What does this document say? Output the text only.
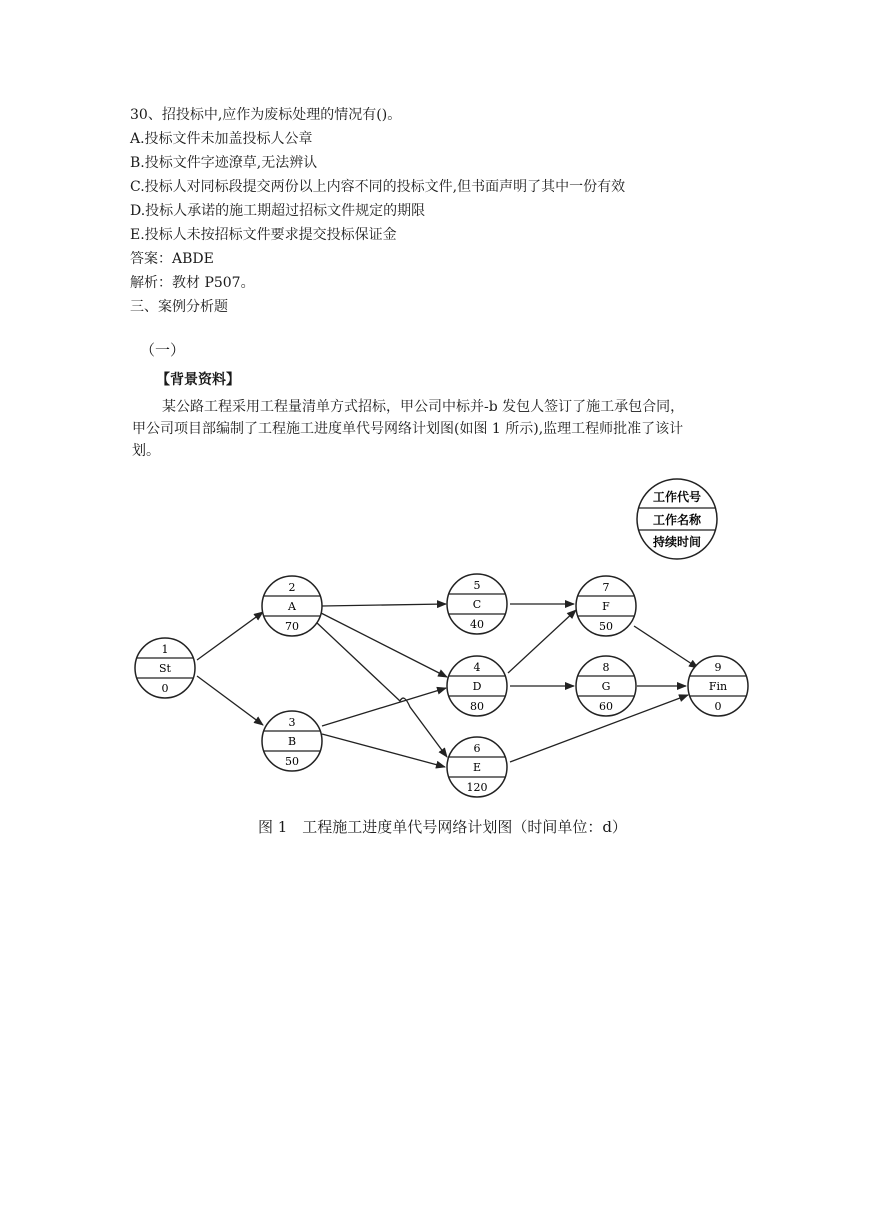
30、招投标中,应作为废标处理的情况有()。
A.投标文件未加盖投标人公章
B.投标文件字迹潦草,无法辨认
C.投标人对同标段提交两份以上内容不同的投标文件,但书面声明了其中一份有效
D.投标人承诺的施工期超过招标文件规定的期限
E.投标人未按招标文件要求提交投标保证金
答案：ABDE
解析：教材 P507。
三、案例分析题
（一）
【背景资料】
某公路工程采用工程量清单方式招标，甲公司中标并-b 发包人签订了施工承包合同，
甲公司项目部编制了工程施工进度单代号网络计划图(如图 1 所示),监理工程师批准了该计
划。
工作代号
工作名称
持续时间
1
St
0
2
A
70
3
B
50
5
C
40
4
D
80
6
E
120
7
F
50
8
G
60
9
Fin
0
图 1　工程施工进度单代号网络计划图（时间单位：d）
